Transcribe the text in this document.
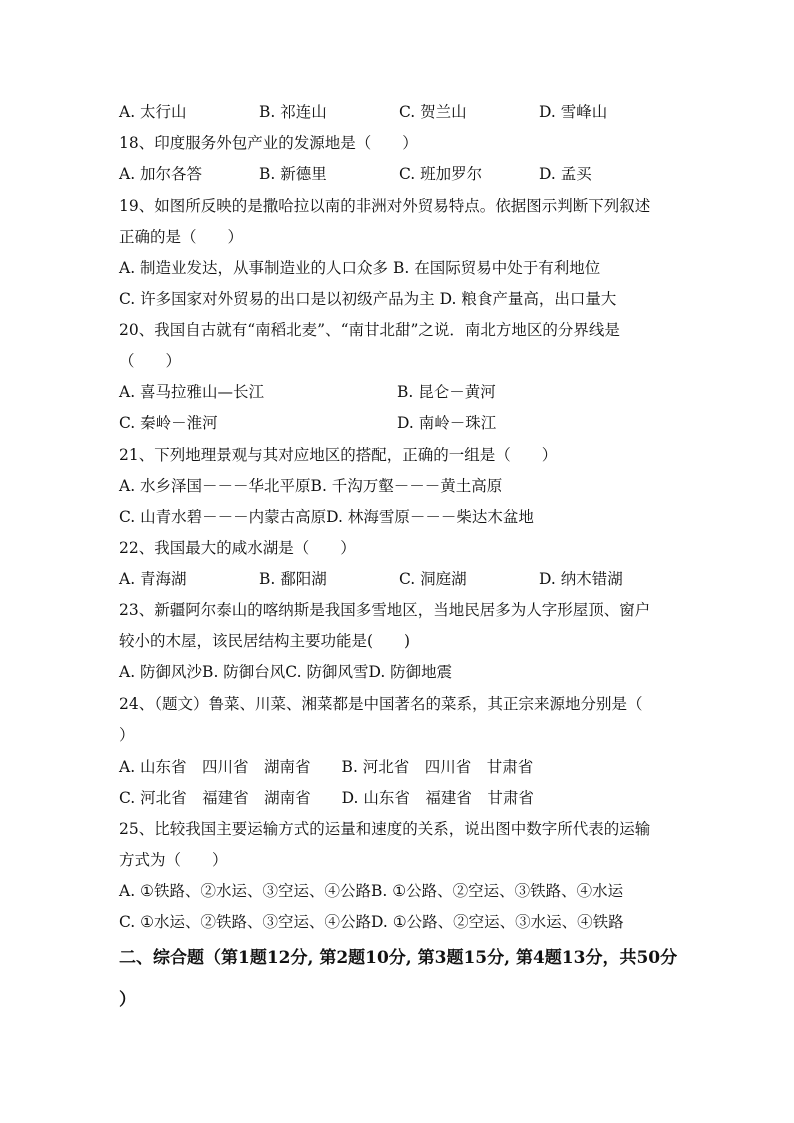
A. 太行山	B. 祁连山	C. 贺兰山	D. 雪峰山
18、印度服务外包产业的发源地是（　　）
A. 加尔各答	B. 新德里	C. 班加罗尔	D. 孟买
19、如图所反映的是撒哈拉以南的非洲对外贸易特点。依据图示判断下列叙述
正确的是（　　）
A. 制造业发达，从事制造业的人口众多 B. 在国际贸易中处于有利地位
C. 许多国家对外贸易的出口是以初级产品为主 D. 粮食产量高，出口量大
20、我国自古就有“南稻北麦”、“南甘北甜”之说．南北方地区的分界线是
（　　）
A. 喜马拉雅山—长江	B. 昆仑－黄河
C. 秦岭－淮河	D. 南岭－珠江
21、下列地理景观与其对应地区的搭配，正确的一组是（　　）
A. 水乡泽国－－－华北平原B. 千沟万壑－－－黄土高原
C. 山青水碧－－－内蒙古高原D. 林海雪原－－－柴达木盆地
22、我国最大的咸水湖是（　　）
A. 青海湖	B. 鄱阳湖	C. 洞庭湖	D. 纳木错湖
23、新疆阿尔泰山的喀纳斯是我国多雪地区，当地民居多为人字形屋顶、窗户
较小的木屋，该民居结构主要功能是(　　)
A. 防御风沙B. 防御台风C. 防御风雪D. 防御地震
24、（题文）鲁菜、川菜、湘菜都是中国著名的菜系，其正宗来源地分别是（
）
A. 山东省　四川省　湖南省　　B. 河北省　四川省　甘肃省
C. 河北省　福建省　湖南省　　D. 山东省　福建省　甘肃省
25、比较我国主要运输方式的运量和速度的关系，说出图中数字所代表的运输
方式为（　　）
A. ①铁路、②水运、③空运、④公路B. ①公路、②空运、③铁路、④水运
C. ①水运、②铁路、③空运、④公路D. ①公路、②空运、③水运、④铁路
二、综合题（第1题12分, 第2题10分, 第3题15分, 第4题13分，共50分
）
